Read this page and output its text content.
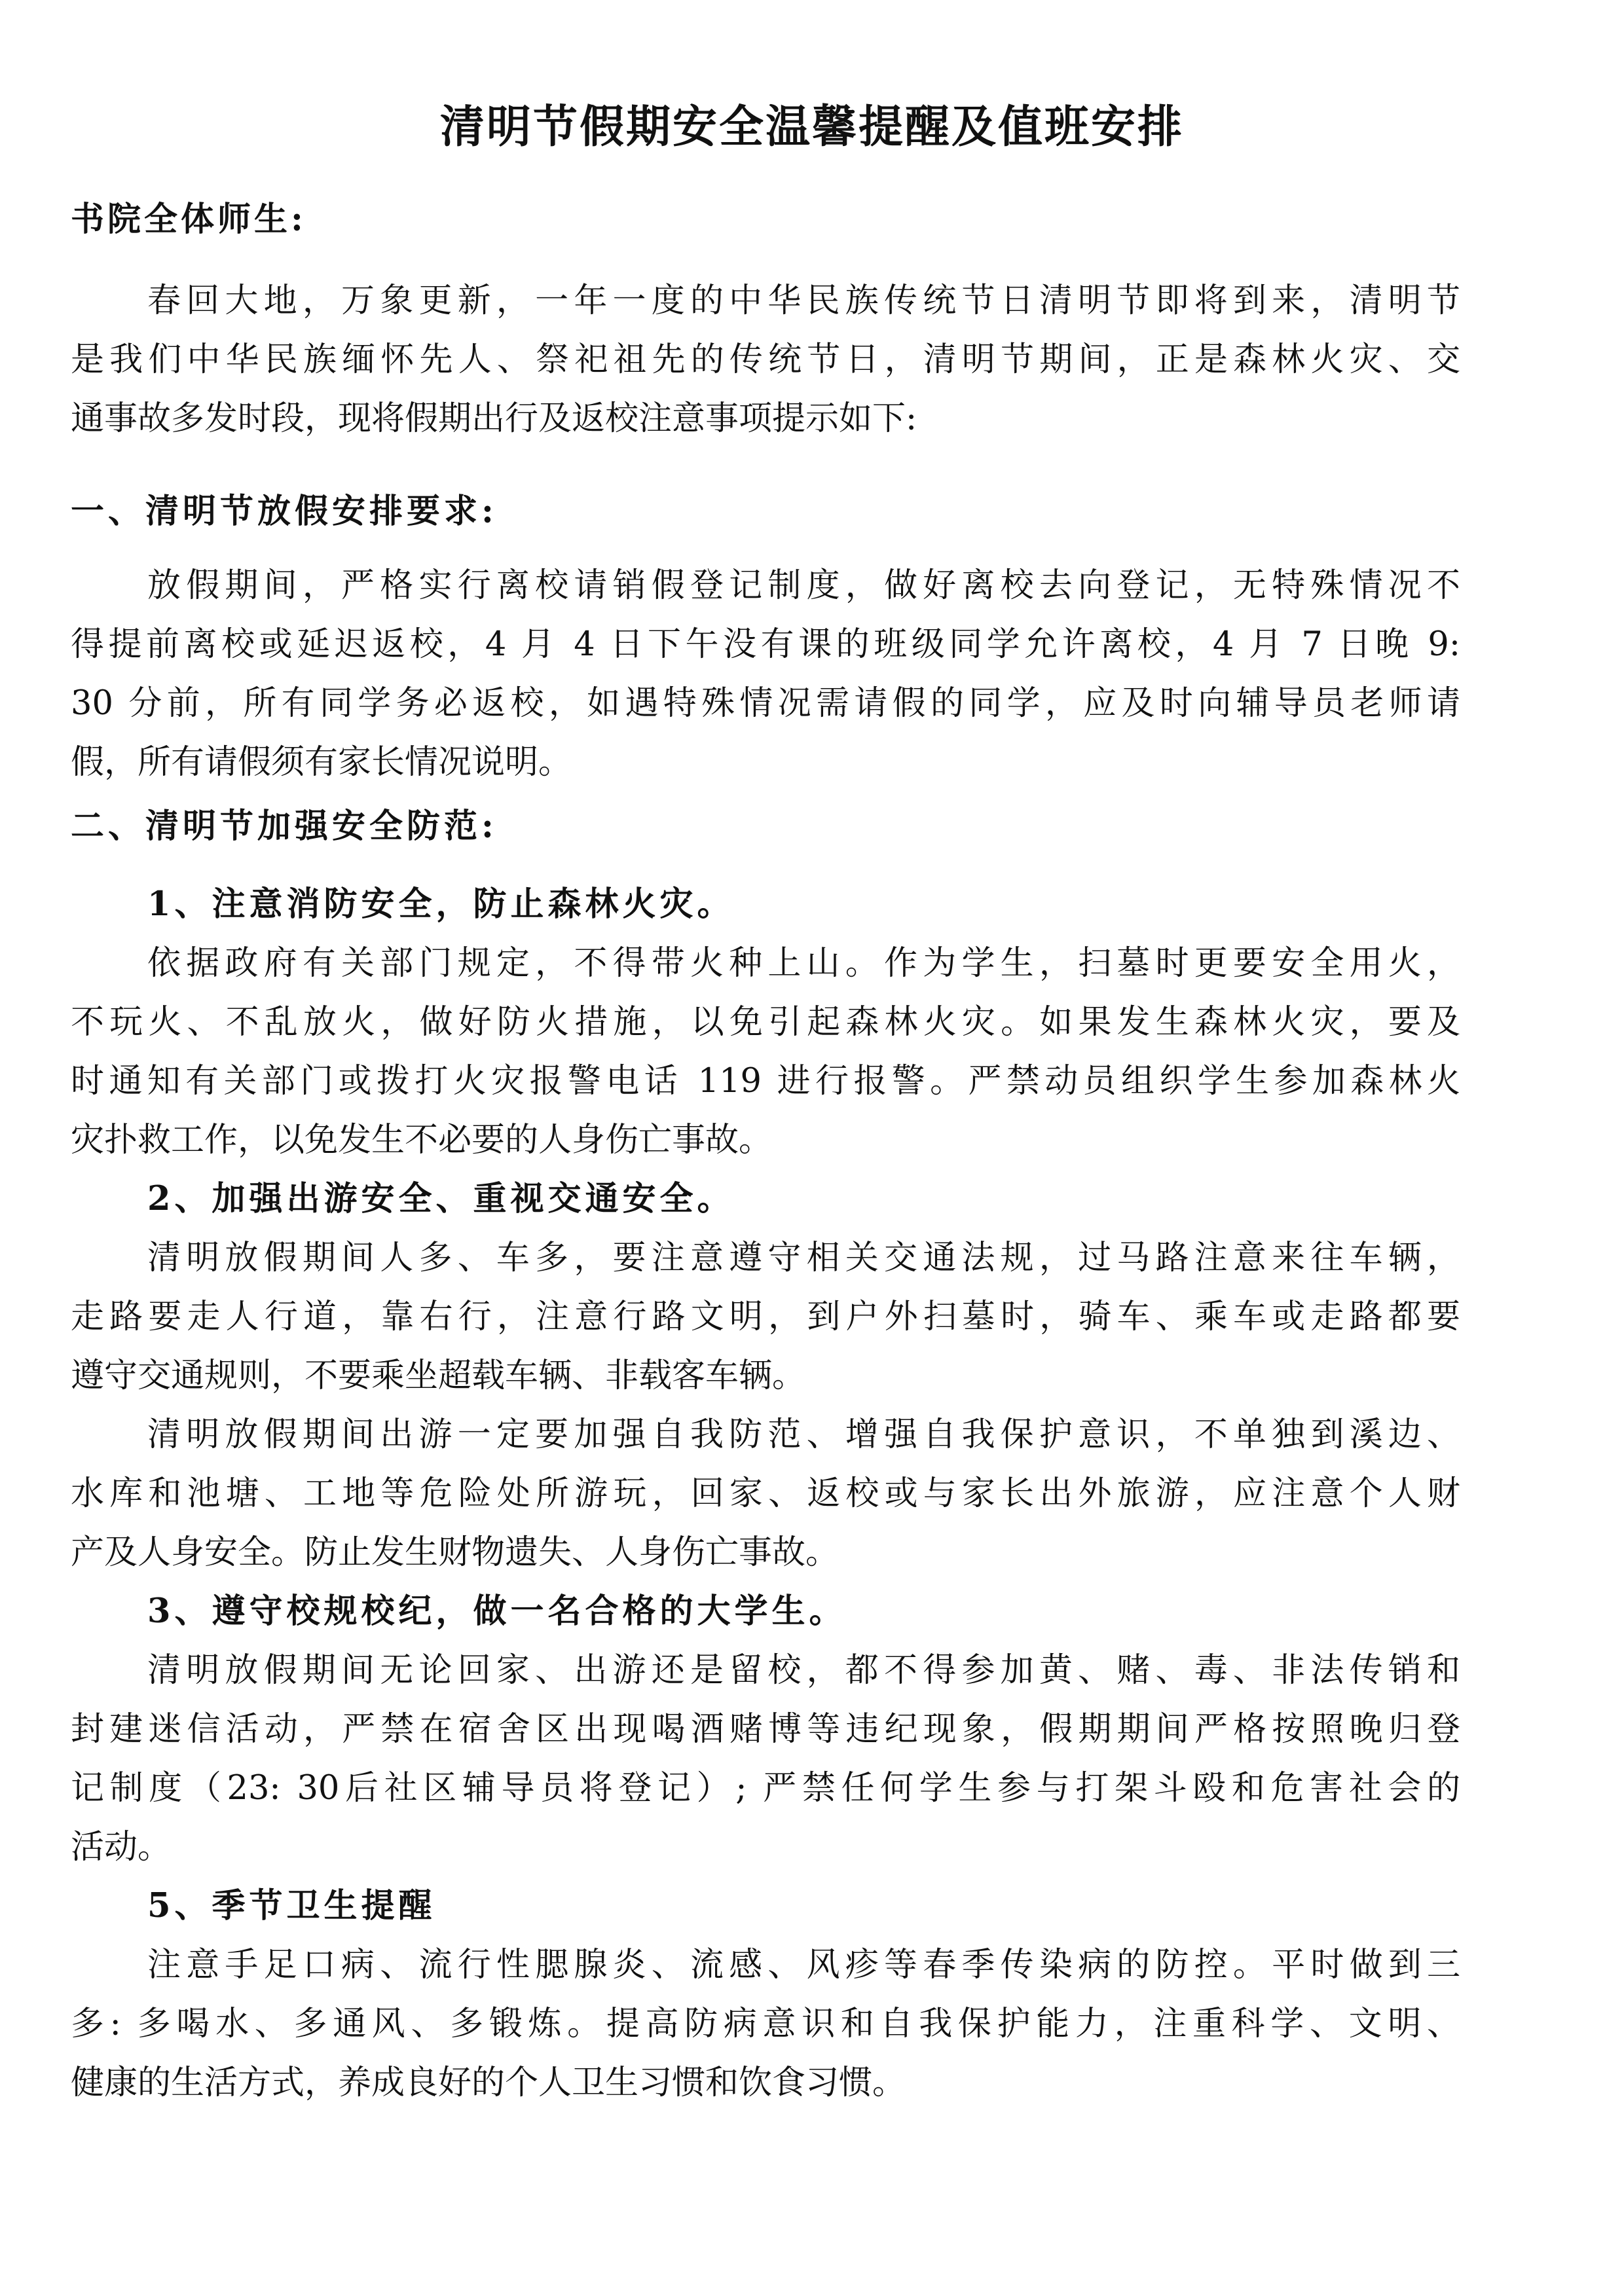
清明节假期安全温馨提醒及值班安排

书院全体师生:

春回大地，万象更新，一年一度的中华民族传统节日清明节即将到来，清明节

是我们中华民族缅怀先人、祭祀祖先的传统节日，清明节期间，正是森林火灾、交

通事故多发时段，现将假期出行及返校注意事项提示如下:

一、清明节放假安排要求:

放假期间，严格实行离校请销假登记制度，做好离校去向登记，无特殊情况不

得提前离校或延迟返校，4 月 4 日下午没有课的班级同学允许离校，4 月 7 日晚 9:

30 分前，所有同学务必返校，如遇特殊情况需请假的同学，应及时向辅导员老师请

假，所有请假须有家长情况说明。

二、清明节加强安全防范:

1、注意消防安全，防止森林火灾。

依据政府有关部门规定，不得带火种上山。作为学生，扫墓时更要安全用火，

不玩火、不乱放火，做好防火措施，以免引起森林火灾。如果发生森林火灾，要及

时通知有关部门或拨打火灾报警电话 119 进行报警。严禁动员组织学生参加森林火

灾扑救工作，以免发生不必要的人身伤亡事故。

2、加强出游安全、重视交通安全。

清明放假期间人多、车多，要注意遵守相关交通法规，过马路注意来往车辆，

走路要走人行道，靠右行，注意行路文明，到户外扫墓时，骑车、乘车或走路都要

遵守交通规则，不要乘坐超载车辆、非载客车辆。

清明放假期间出游一定要加强自我防范、增强自我保护意识，不单独到溪边、

水库和池塘、工地等危险处所游玩，回家、返校或与家长出外旅游，应注意个人财

产及人身安全。防止发生财物遗失、人身伤亡事故。

3、遵守校规校纪，做一名合格的大学生。

清明放假期间无论回家、出游还是留校，都不得参加黄、赌、毒、非法传销和

封建迷信活动，严禁在宿舍区出现喝酒赌博等违纪现象，假期期间严格按照晚归登

记制度（23: 30后社区辅导员将登记）; 严禁任何学生参与打架斗殴和危害社会的

活动。

5、季节卫生提醒

注意手足口病、流行性腮腺炎、流感、风疹等春季传染病的防控。平时做到三

多: 多喝水、多通风、多锻炼。提高防病意识和自我保护能力，注重科学、文明、

健康的生活方式，养成良好的个人卫生习惯和饮食习惯。
